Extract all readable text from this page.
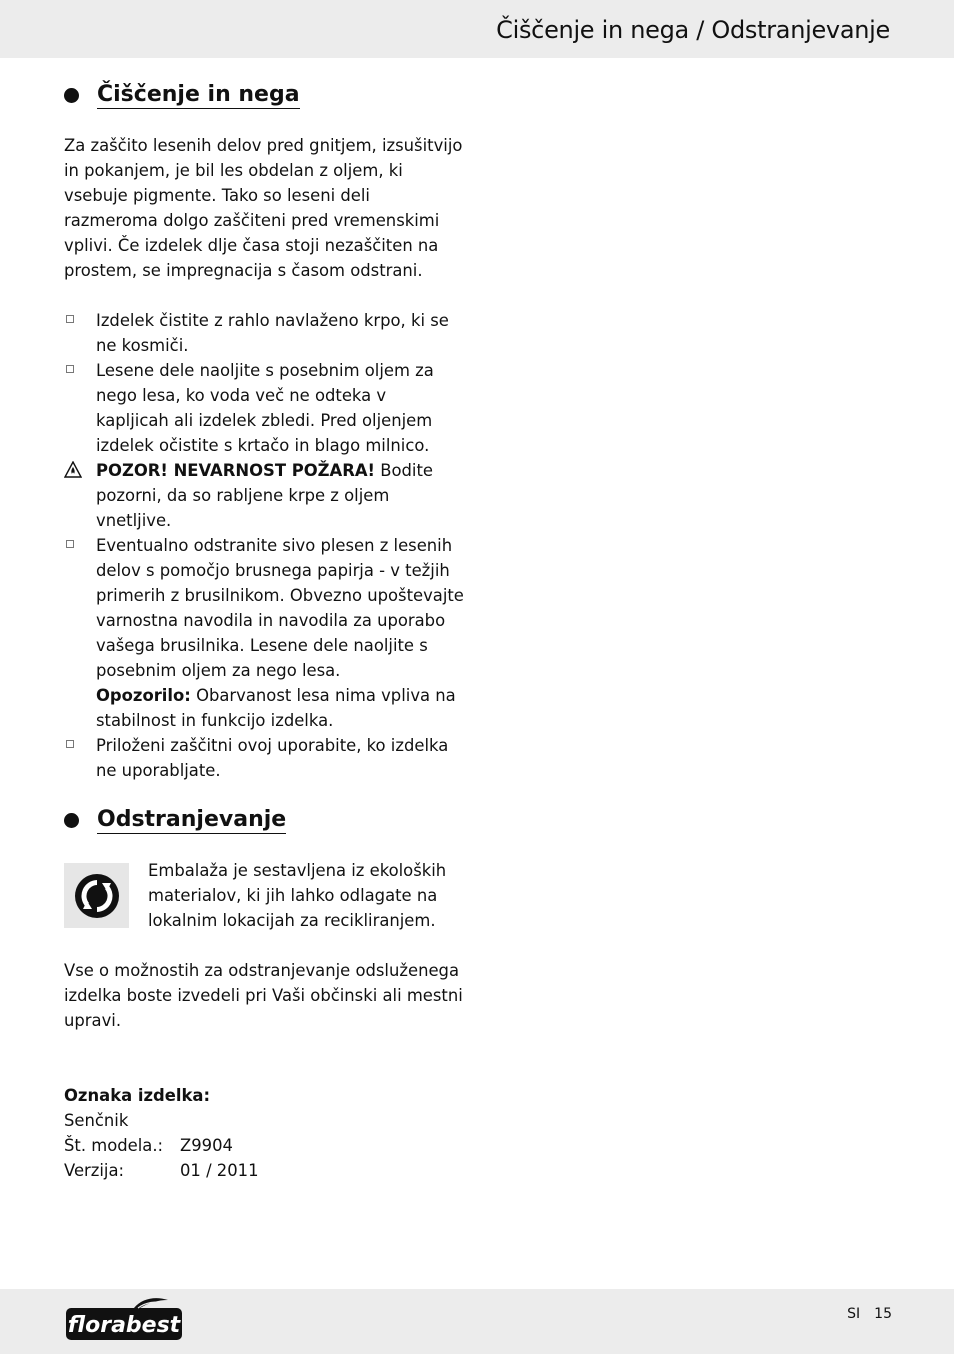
Čiščenje in nega / Odstranjevanje
Čiščenje in nega

Za zaščito lesenih delov pred gnitjem, izsušitvijo in pokanjem, je bil les obdelan z oljem, ki vsebuje pigmente. Tako so leseni deli razmeroma dolgo zaščiteni pred vremenskimi vplivi. Če izdelek dlje časa stoji nezaščiten na prostem, se impregnacija s časom odstrani.

Izdelek čistite z rahlo navlaženo krpo, ki se ne kosmiči.
Lesene dele naoljite s posebnim oljem za nego lesa, ko voda več ne odteka v kapljicah ali izdelek zbledi. Pred oljenjem izdelek očistite s krtačo in blago milnico.
POZOR! NEVARNOST POŽARA! Bodite pozorni, da so rabljene krpe z oljem vnetljive.
Eventualno odstranite sivo plesen z lesenih delov s pomočjo brusnega papirja - v težjih primerih z brusilnikom. Obvezno upoštevajte varnostna navodila in navodila za uporabo vašega brusilnika. Lesene dele naoljite s posebnim oljem za nego lesa.
Opozorilo: Obarvanost lesa nima vpliva na stabilnost in funkcijo izdelka.
Priloženi zaščitni ovoj uporabite, ko izdelka ne uporabljate.
Odstranjevanje
Embalaža je sestavljena iz ekoloških materialov, ki jih lahko odlagate na lokalnim lokacijah za recikliranjem.

Vse o možnostih za odstranjevanje odsluženega izdelka boste izvedeli pri Vaši občinski ali mestni upravi.

Oznaka izdelka:
Senčnik
Št. modela.:	Z9904
Verzija:	01 / 2011
florabest	SI 15
